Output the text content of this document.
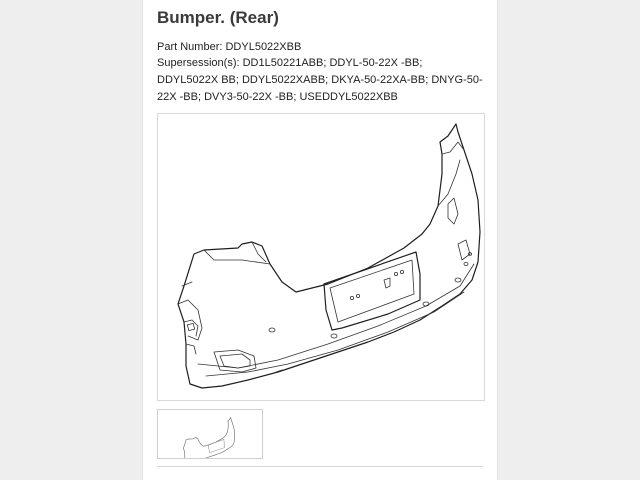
Bumper. (Rear)
Part Number: DDYL5022XBB
Supersession(s): DD1L50221ABB; DDYL-50-22X -BB; DDYL5022X BB; DDYL5022XABB; DKYA-50-22XA-BB; DNYG-50-22X -BB; DVY3-50-22X -BB; USEDDYL5022XBB
